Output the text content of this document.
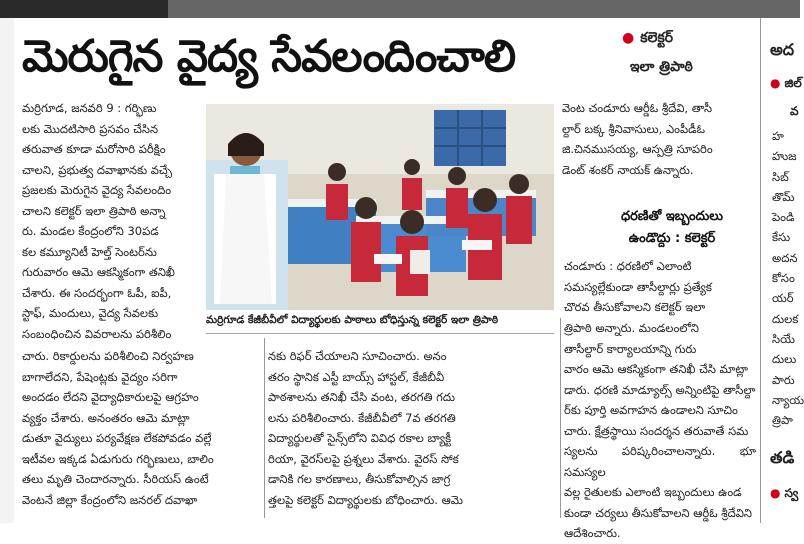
మెరుగైన వైద్య సేవలందించాలి	● కలెక్టర్
ఇలా త్రిపాఠి

మర్రిగూడ, జనవరి 9 : గర్భిణు

లకు మొదటిసారి ప్రసవం చేసిన

తరువాత కూడా మరోసారి పరీక్షిం

చాలని, ప్రభుత్వ దవాఖానకు వచ్చే

ప్రజలకు మెరుగైన వైద్య సేవలందిం

చాలని కలెక్టర్ ఇలా త్రిపాఠి అన్నా

రు. మండల కేంద్రంలోని 30పడ

కల కమ్యూనిటీ హెల్త్ సెంటర్‌ను

గురువారం ఆమె ఆకస్మికంగా తనిఖీ

చేశారు. ఈ సందర్భంగా ఓపీ, ఐపీ,

స్టాఫ్, మందులు, వైద్య సేవలకు

సంబంధించిన వివరాలను పరిశీలిం

చారు. రికార్డులను పరిశీలించి నిర్వహణ

బాగాలేదని, పేషెంట్లకు వైద్యం సరిగా

అందడం లేదని వైద్యాధికారులపై ఆగ్రహం

వ్యక్తం చేశారు. అనంతరం ఆమె మాట్లా

డుతూ వైద్యులు పర్యవేక్షణ లేకపోవడం వల్లే

ఇటీవల ఇక్కడ ఏడుగురు గర్భిణులు, బాలిం

తలు మృతి చెందారన్నారు. సీరియస్ ఉంటే

వెంటనే జిల్లా కేంద్రంలోని జనరల్ దవాఖా

మర్రిగూడ కేజీబీవీలో విద్యార్థులకు పాఠాలు బోధిస్తున్న కలెక్టర్ ఇలా త్రిపాఠి

నకు రిఫర్ చేయాలని సూచించారు. అనం

తరం స్థానిక ఎస్టీ బాయ్స్ హాస్టల్, కేజీబీవీ

పాఠశాలను తనిఖీ చేసి వంట, తరగతి గదు

లను పరిశీలించారు. కేజీబీవీలో 7వ తరగతి

విద్యార్థులతో సైన్స్‌లోని వివిధ రకాల బ్యాక్టీ

రియా, వైరస్‌లపై ప్రశ్నలు వేశారు. వైరస్ సోక

డానికి గల కారణాలు, తీసుకోవాల్సిన జాగ్ర

త్తలపై కలెక్టర్ విద్యార్థులకు బోధించారు. ఆమె

వెంట చండూరు ఆర్డీఓ శ్రీదేవి, తాసీ

ల్దార్ బక్క శ్రీనివాసులు, ఎంపీడీఓ

జి.చినముసయ్య, ఆస్పత్రి సూపరిం

డెంట్ శంకర్ నాయక్ ఉన్నారు.

ధరణితో ఇబ్బందులు
ఉండొద్దు : కలెక్టర్

చండూరు : ధరణిలో ఎలాంటి

సమస్యల్లేకుండా తాసీల్దార్లు ప్రత్యేక

చొరవ తీసుకోవాలని కలెక్టర్ ఇలా

త్రిపాఠి అన్నారు. మండలంలోని

తాసీల్దార్ కార్యాలయాన్ని గురు

వారం ఆమె ఆకస్మికంగా తనిఖీ చేసి మాట్లా

డారు. ధరణి మాడ్యూల్స్ అన్నింటిపై తాసీల్దా

ర్‌కు పూర్తి అవగాహన ఉండాలని సూచిం

చారు. క్షేత్రస్థాయి సందర్శన తరువాతే సమ

స్యలను పరిష్కరించాలన్నారు. భూ సమస్యల

వల్ల రైతులకు ఎలాంటి ఇబ్బందులు ఉండ

కుండా చర్యలు తీసుకోవాలని ఆర్డీఓ శ్రీదేవిని

ఆదేశించారు.

అద
● జిల్
వ
హ
హుజ
సిబ్
తొమ్
పెండి
కేసు
అదన
కోసం
యర్
దులక
సియే
దులు
పారు
న్యాయ
త్రిపా
తడి
● స్వ
